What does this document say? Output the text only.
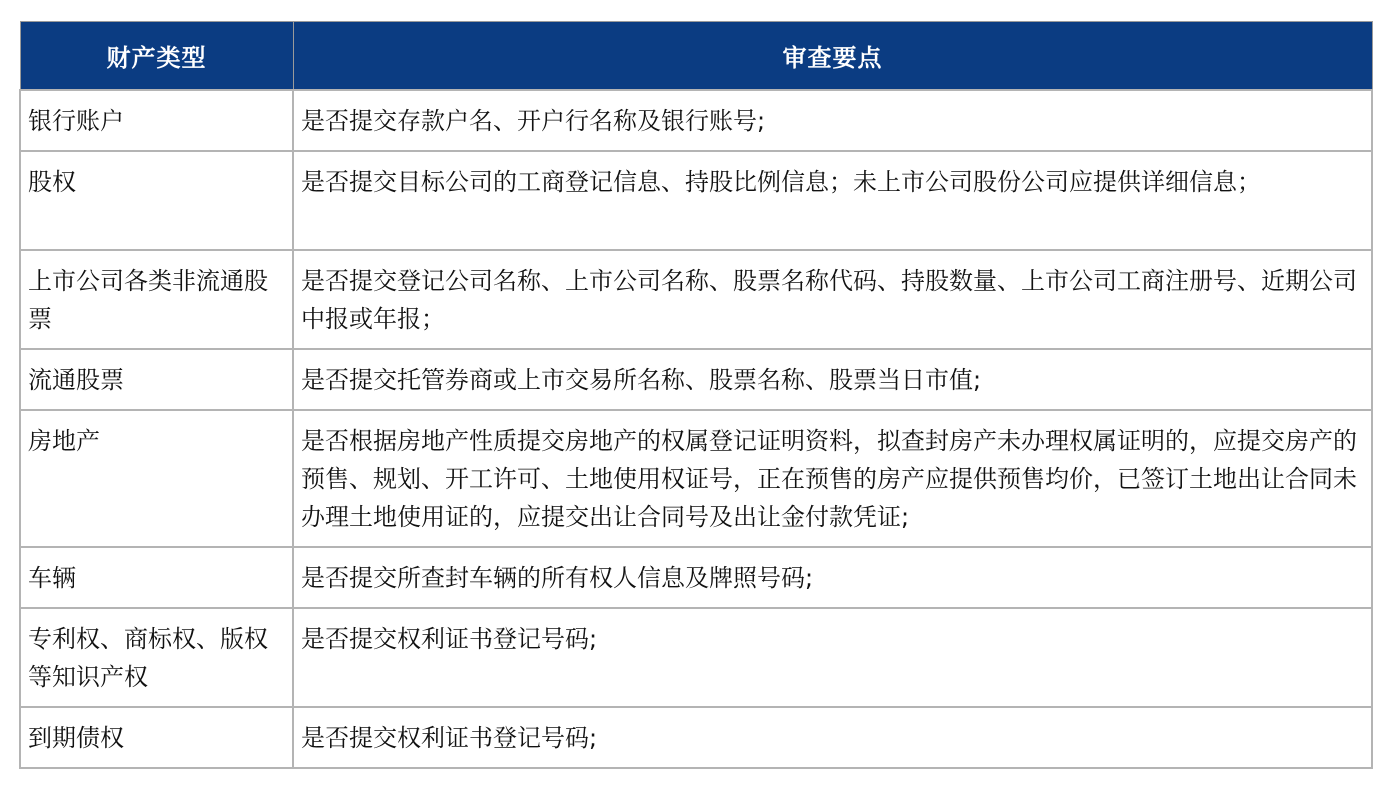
财产类型	审查要点
银行账户	是否提交存款户名、开户行名称及银行账号;
股权	是否提交目标公司的工商登记信息、持股比例信息；未上市公司股份公司应提供详细信息；
上市公司各类非流通股票	是否提交登记公司名称、上市公司名称、股票名称代码、持股数量、上市公司工商注册号、近期公司中报或年报；
流通股票	是否提交托管券商或上市交易所名称、股票名称、股票当日市值;
房地产	是否根据房地产性质提交房地产的权属登记证明资料，拟查封房产未办理权属证明的，应提交房产的预售、规划、开工许可、土地使用权证号，正在预售的房产应提供预售均价，已签订土地出让合同未办理土地使用证的，应提交出让合同号及出让金付款凭证;
车辆	是否提交所查封车辆的所有权人信息及牌照号码;
专利权、商标权、版权等知识产权	是否提交权利证书登记号码;
到期债权	是否提交权利证书登记号码;
